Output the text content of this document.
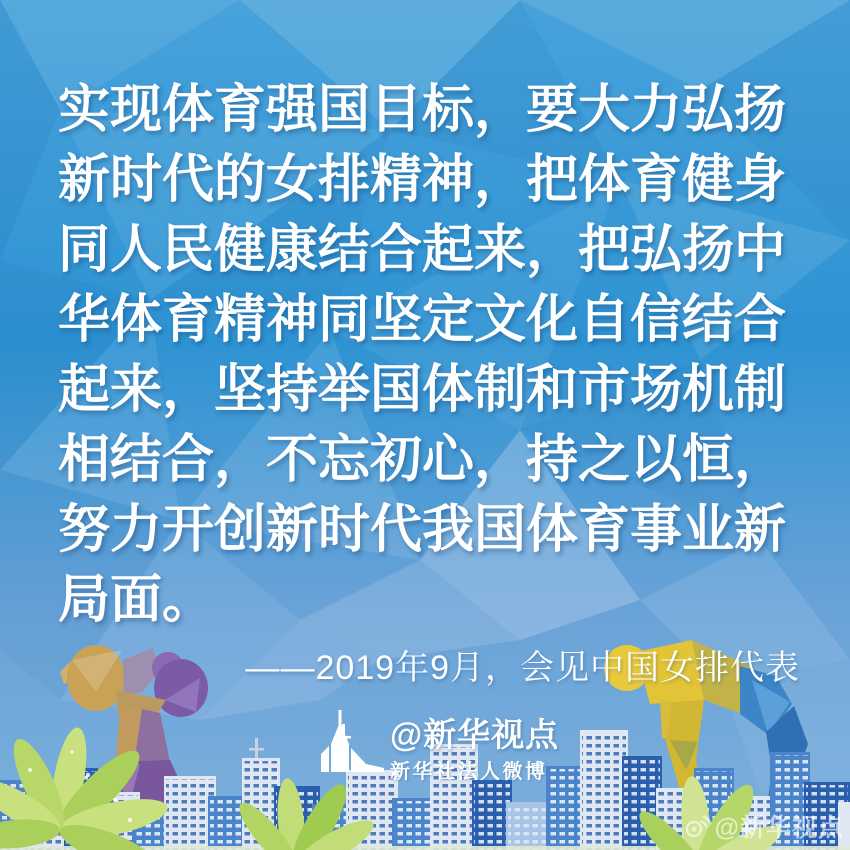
实现体育强国目标，要大力弘扬
新时代的女排精神，把体育健身
同人民健康结合起来，把弘扬中
华体育精神同坚定文化自信结合
起来，坚持举国体制和市场机制
相结合，不忘初心，持之以恒，
努力开创新时代我国体育事业新
局面。
——2019年9月，会见中国女排代表
@新华视点
新华社法人微博
@新华视点
